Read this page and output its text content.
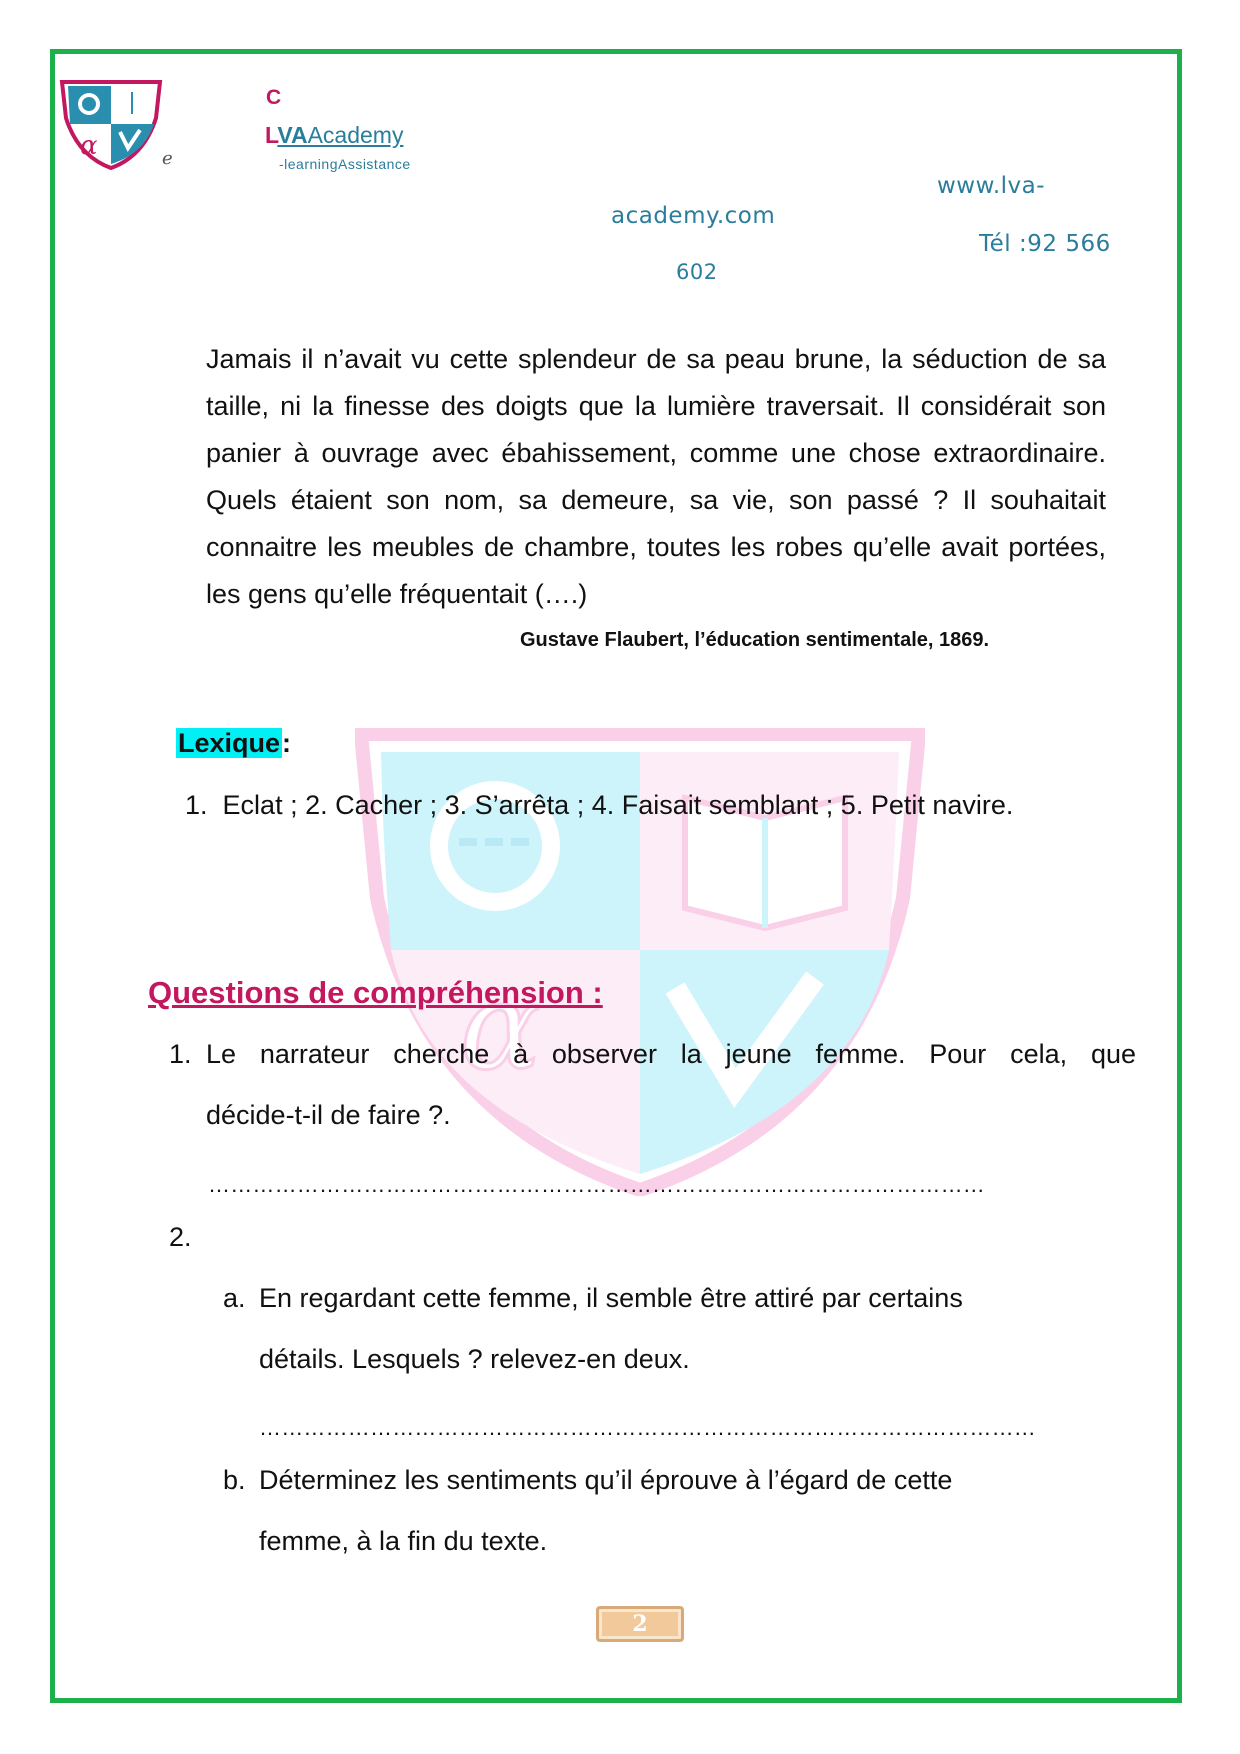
α	e
C
LVAAcademy
-learningAssistance
www.lva-
academy.com
Tél :92 566
602
α

Jamais il n’avait vu cette splendeur de sa peau brune, la séduction de sa taille, ni la finesse des doigts que la lumière traversait. Il considérait son panier à ouvrage avec ébahissement, comme une chose extraordinaire. Quels étaient son nom, sa demeure, sa vie, son passé ? Il souhaitait connaitre les meubles de chambre, toutes les robes qu’elle avait portées, les gens qu’elle fréquentait (….)

Gustave Flaubert, l’éducation sentimentale, 1869.
Lexique:
1. Eclat ; 2. Cacher ; 3. S’arrêta ; 4. Faisait semblant ; 5. Petit navire.
Questions de compréhension :
1. Le narrateur cherche à observer la jeune femme. Pour cela, que

décide-t-il de faire ?.

……………………………………………………………………………………………
2.
a. En regardant cette femme, il semble être attiré par certains

détails. Lesquels ? relevez-en deux.

……………………………………………………………………………………………
b. Déterminez les sentiments qu’il éprouve à l’égard de cette

femme, à la fin du texte.

2
